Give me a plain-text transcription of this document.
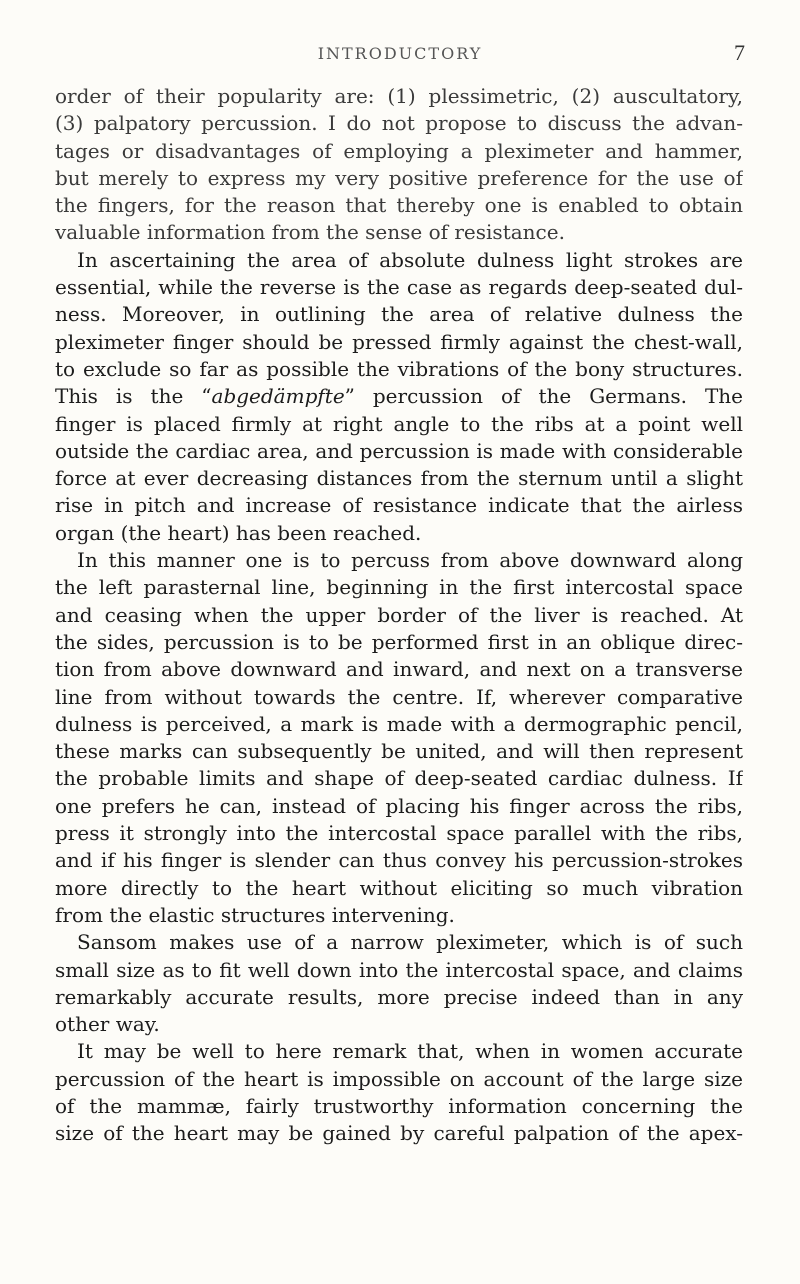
INTRODUCTORY	7
order of their popularity are: (1) plessimetric, (2) auscultatory,
(3) palpatory percussion. I do not propose to discuss the advan-
tages or disadvantages of employing a pleximeter and hammer,
but merely to express my very positive preference for the use of
the fingers, for the reason that thereby one is enabled to obtain
valuable information from the sense of resistance.
In ascertaining the area of absolute dulness light strokes are
essential, while the reverse is the case as regards deep-seated dul-
ness. Moreover, in outlining the area of relative dulness the
pleximeter finger should be pressed firmly against the chest-wall,
to exclude so far as possible the vibrations of the bony structures.
This is the “abgedämpfte” percussion of the Germans. The
finger is placed firmly at right angle to the ribs at a point well
outside the cardiac area, and percussion is made with considerable
force at ever decreasing distances from the sternum until a slight
rise in pitch and increase of resistance indicate that the airless
organ (the heart) has been reached.
In this manner one is to percuss from above downward along
the left parasternal line, beginning in the first intercostal space
and ceasing when the upper border of the liver is reached. At
the sides, percussion is to be performed first in an oblique direc-
tion from above downward and inward, and next on a transverse
line from without towards the centre. If, wherever comparative
dulness is perceived, a mark is made with a dermographic pencil,
these marks can subsequently be united, and will then represent
the probable limits and shape of deep-seated cardiac dulness. If
one prefers he can, instead of placing his finger across the ribs,
press it strongly into the intercostal space parallel with the ribs,
and if his finger is slender can thus convey his percussion-strokes
more directly to the heart without eliciting so much vibration
from the elastic structures intervening.
Sansom makes use of a narrow pleximeter, which is of such
small size as to fit well down into the intercostal space, and claims
remarkably accurate results, more precise indeed than in any
other way.
It may be well to here remark that, when in women accurate
percussion of the heart is impossible on account of the large size
of the mammæ, fairly trustworthy information concerning the
size of the heart may be gained by careful palpation of the apex-
